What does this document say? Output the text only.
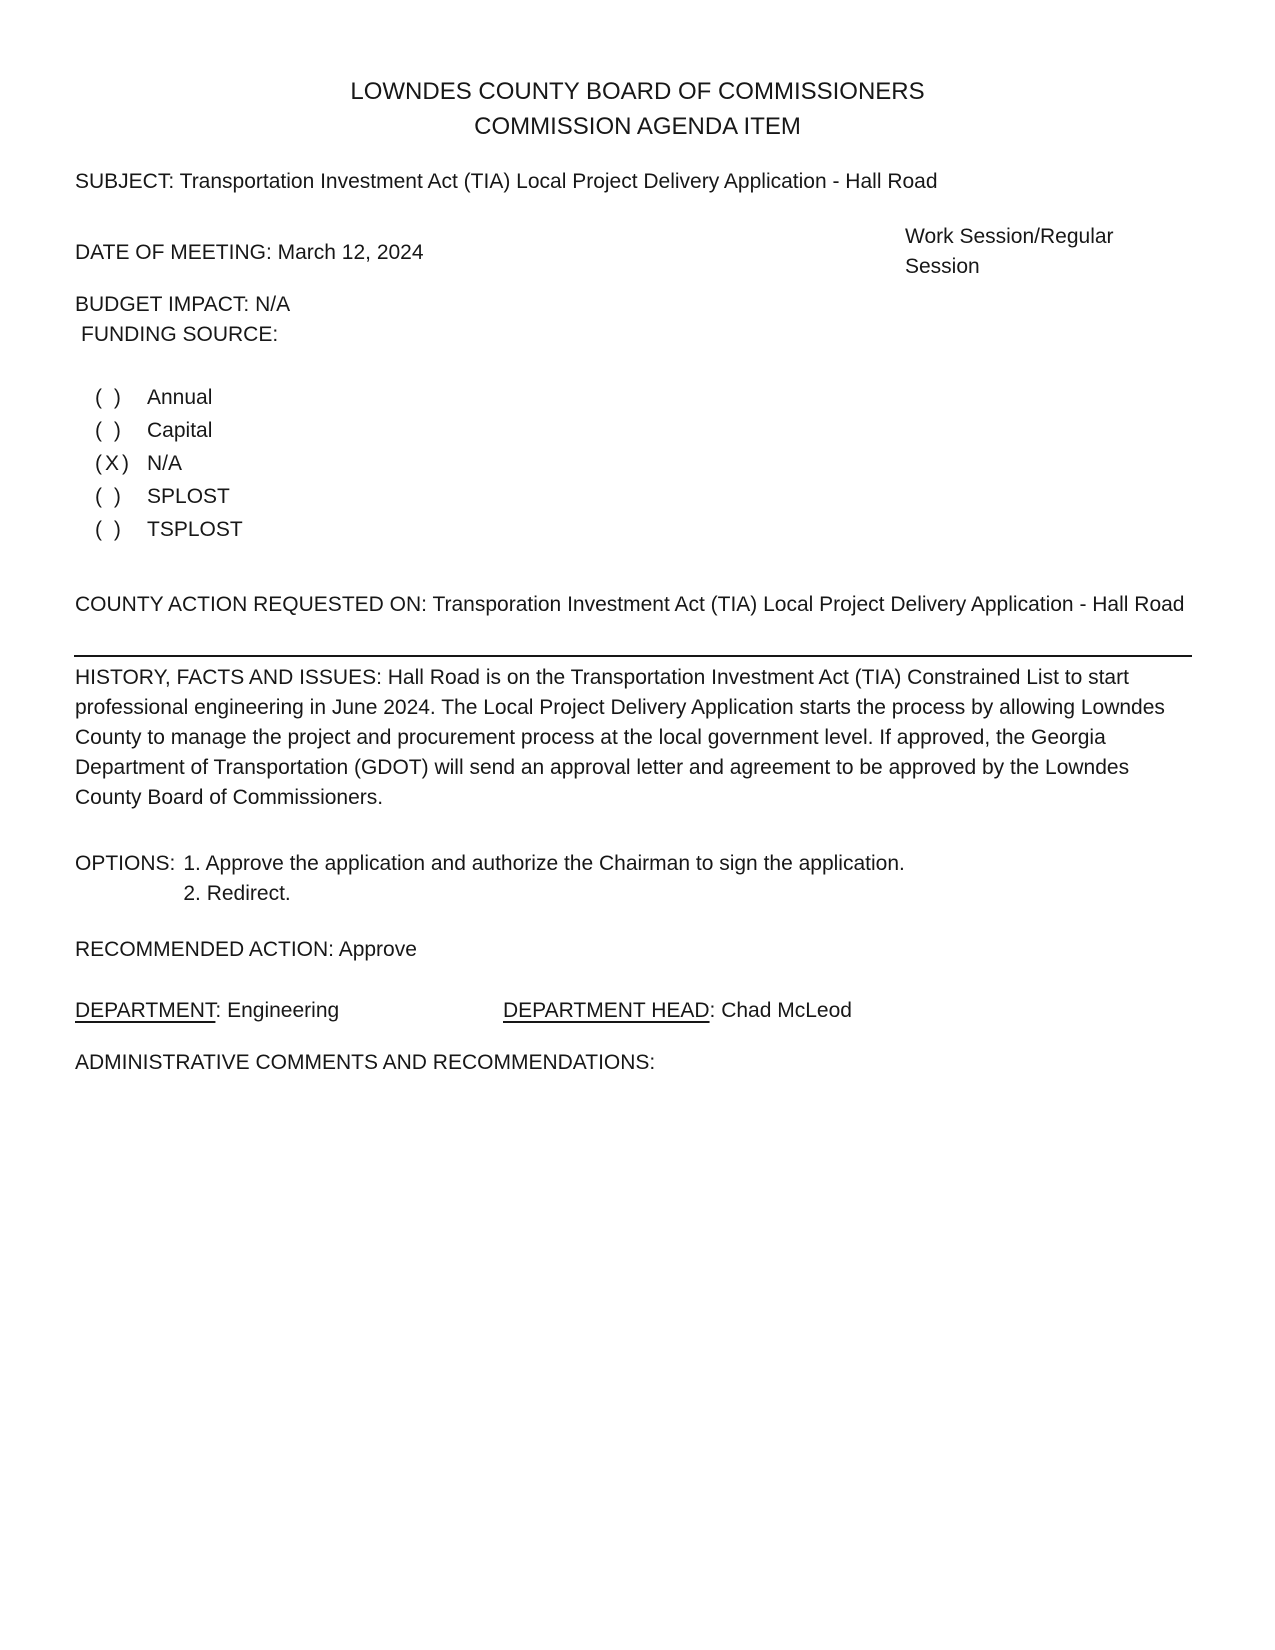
LOWNDES COUNTY BOARD OF COMMISSIONERS
COMMISSION AGENDA ITEM
SUBJECT: Transportation Investment Act (TIA) Local Project Delivery Application - Hall Road
Work Session/Regular Session
DATE OF MEETING: March 12, 2024
BUDGET IMPACT: N/A
FUNDING SOURCE:
( )	Annual
( )	Capital
(X) N/A
( )	SPLOST
( )	TSPLOST
COUNTY ACTION REQUESTED ON: Transporation Investment Act (TIA) Local Project Delivery Application - Hall Road
HISTORY, FACTS AND ISSUES: Hall Road is on the Transportation Investment Act (TIA) Constrained List to start professional engineering in June 2024. The Local Project Delivery Application starts the process by allowing Lowndes County to manage the project and procurement process at the local government level. If approved, the Georgia Department of Transportation (GDOT) will send an approval letter and agreement to be approved by the Lowndes County Board of Commissioners.
OPTIONS: 1. Approve the application and authorize the Chairman to sign the application.
2. Redirect.
RECOMMENDED ACTION: Approve
DEPARTMENT: Engineering	DEPARTMENT HEAD: Chad McLeod
ADMINISTRATIVE COMMENTS AND RECOMMENDATIONS:
